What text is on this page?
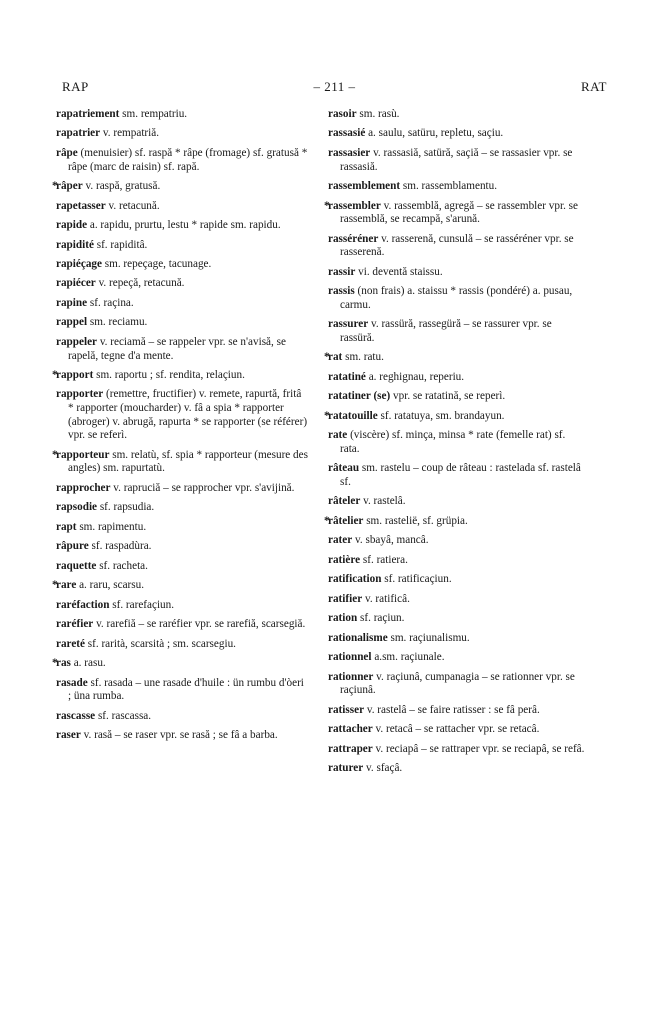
RAP	– 211 –	RAT
rapatriement sm. rempatriu.
rapatrier v. rempatriă.
râpe (menuisier) sf. raspă * râpe (fromage) sf. gratusă * râpe (marc de raisin) sf. rapă.
*
râper v. raspă, gratusă.
rapetasser v. retacună.
rapide a. rapidu, prurtu, lestu * rapide sm. rapidu.
rapidité sf. rapiditâ.
rapiéçage sm. repeçage, tacunage.
rapiécer v. repeçă, retacună.
rapine sf. raçina.
rappel sm. reciamu.
rappeler v. reciamă – se rappeler vpr. se n'avisă, se rapelă, tegne d'a mente.
*
rapport sm. raportu ; sf. rendita, relaçiun.
rapporter (remettre, fructifier) v. remete, rapurtă, fritâ * rapporter (moucharder) v. fâ a spia * rapporter (abroger) v. abrugă, rapurta * se rapporter (se référer) vpr. se referì.
*
rapporteur sm. relatù, sf. spia * rapporteur (mesure des angles) sm. rapurtatù.
rapprocher v. rapruciă – se rapprocher vpr. s'avijină.
rapsodie sf. rapsudia.
rapt sm. rapimentu.
râpure sf. raspadùra.
raquette sf. racheta.
*
rare a. raru, scarsu.
raréfaction sf. rarefaçiun.
raréfier v. rarefiă – se raréfier vpr. se rarefiă, scarsegiă.
rareté sf. rarità, scarsità ; sm. scarsegiu.
*
ras a. rasu.
rasade sf. rasada – une rasade d'huile : ün rumbu d'òeri ; üna rumba.
rascasse sf. rascassa.
raser v. rasă – se raser vpr. se rasă ; se fâ a barba.
rasoir sm. rasù.
rassasié a. saulu, satüru, repletu, saçiu.
rassasier v. rassasiă, satüră, saçiă – se rassasier vpr. se rassasiă.
rassemblement sm. rassemblamentu.
*
rassembler v. rassemblă, agregă – se rassembler vpr. se rassemblă, se recampă, s'arună.
rasséréner v. rasserenă, cunsulă – se rasséréner vpr. se rasserenă.
rassir vi. deventă staissu.
rassis (non frais) a. staissu * rassis (pondéré) a. pusau, carmu.
rassurer v. rassüră, rassegüră – se rassurer vpr. se rassüră.
*
rat sm. ratu.
ratatiné a. reghignau, reperiu.
ratatiner (se) vpr. se ratatină, se reperì.
*
ratatouille sf. ratatuya, sm. brandayun.
rate (viscère) sf. minça, minsa * rate (femelle rat) sf. rata.
râteau sm. rastelu – coup de râteau : rastelada sf. rastelâ sf.
râteler v. rastelâ.
*
râtelier sm. rastelië, sf. grüpia.
rater v. sbayâ, mancâ.
ratière sf. ratiera.
ratification sf. ratificaçiun.
ratifier v. ratificâ.
ration sf. raçiun.
rationalisme sm. raçiunalismu.
rationnel a.sm. raçiunale.
rationner v. raçiunâ, cumpanagia – se rationner vpr. se raçiunâ.
ratisser v. rastelâ – se faire ratisser : se fâ perâ.
rattacher v. retacâ – se rattacher vpr. se retacâ.
rattraper v. reciapâ – se rattraper vpr. se reciapâ, se refâ.
raturer v. sfaçâ.
